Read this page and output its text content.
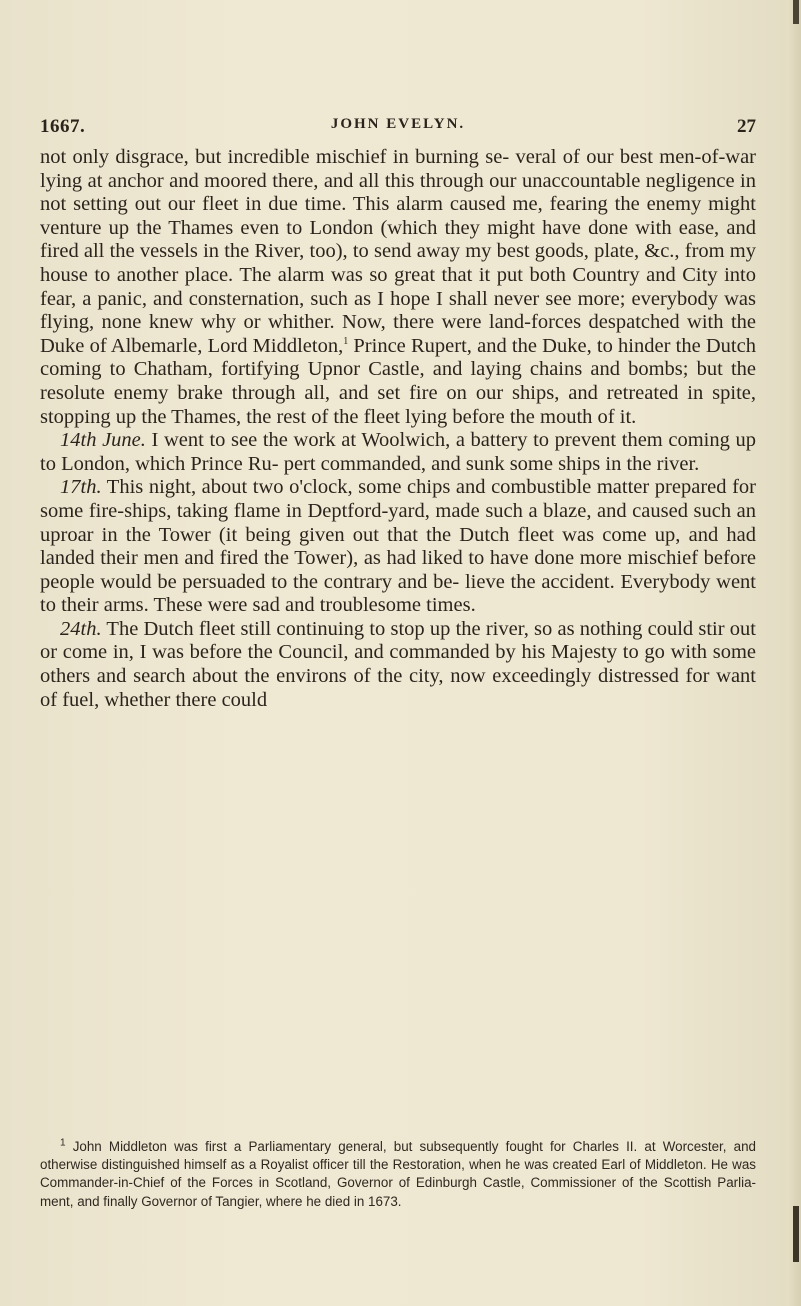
1667.	JOHN EVELYN.	27

not only disgrace, but incredible mischief in burning se- veral of our best men-of-war lying at anchor and moored there, and all this through our unaccountable negligence in not setting out our fleet in due time. This alarm caused me, fearing the enemy might venture up the Thames even to London (which they might have done with ease, and fired all the vessels in the River, too), to send away my best goods, plate, &c., from my house to another place. The alarm was so great that it put both Country and City into fear, a panic, and consternation, such as I hope I shall never see more; everybody was flying, none knew why or whither. Now, there were land-forces despatched with the Duke of Albemarle, Lord Middleton,$^1$ Prince Rupert, and the Duke, to hinder the Dutch coming to Chatham, fortifying Upnor Castle, and laying chains and bombs; but the resolute enemy brake through all, and set fire on our ships, and retreated in spite, stopping up the Thames, the rest of the fleet lying before the mouth of it.

14th June. I went to see the work at Woolwich, a battery to prevent them coming up to London, which Prince Ru- pert commanded, and sunk some ships in the river.

17th. This night, about two o'clock, some chips and combustible matter prepared for some fire-ships, taking flame in Deptford-yard, made such a blaze, and caused such an uproar in the Tower (it being given out that the Dutch fleet was come up, and had landed their men and fired the Tower), as had liked to have done more mischief before people would be persuaded to the contrary and be- lieve the accident. Everybody went to their arms. These were sad and troublesome times.

24th. The Dutch fleet still continuing to stop up the river, so as nothing could stir out or come in, I was before the Council, and commanded by his Majesty to go with some others and search about the environs of the city, now exceedingly distressed for want of fuel, whether there could

$^1$ John Middleton was first a Parliamentary general, but subsequently fought for Charles II. at Worcester, and otherwise distinguished himself as a Royalist officer till the Restoration, when he was created Earl of Middleton. He was Commander-in-Chief of the Forces in Scotland, Governor of Edinburgh Castle, Commissioner of the Scottish Parlia- ment, and finally Governor of Tangier, where he died in 1673.
